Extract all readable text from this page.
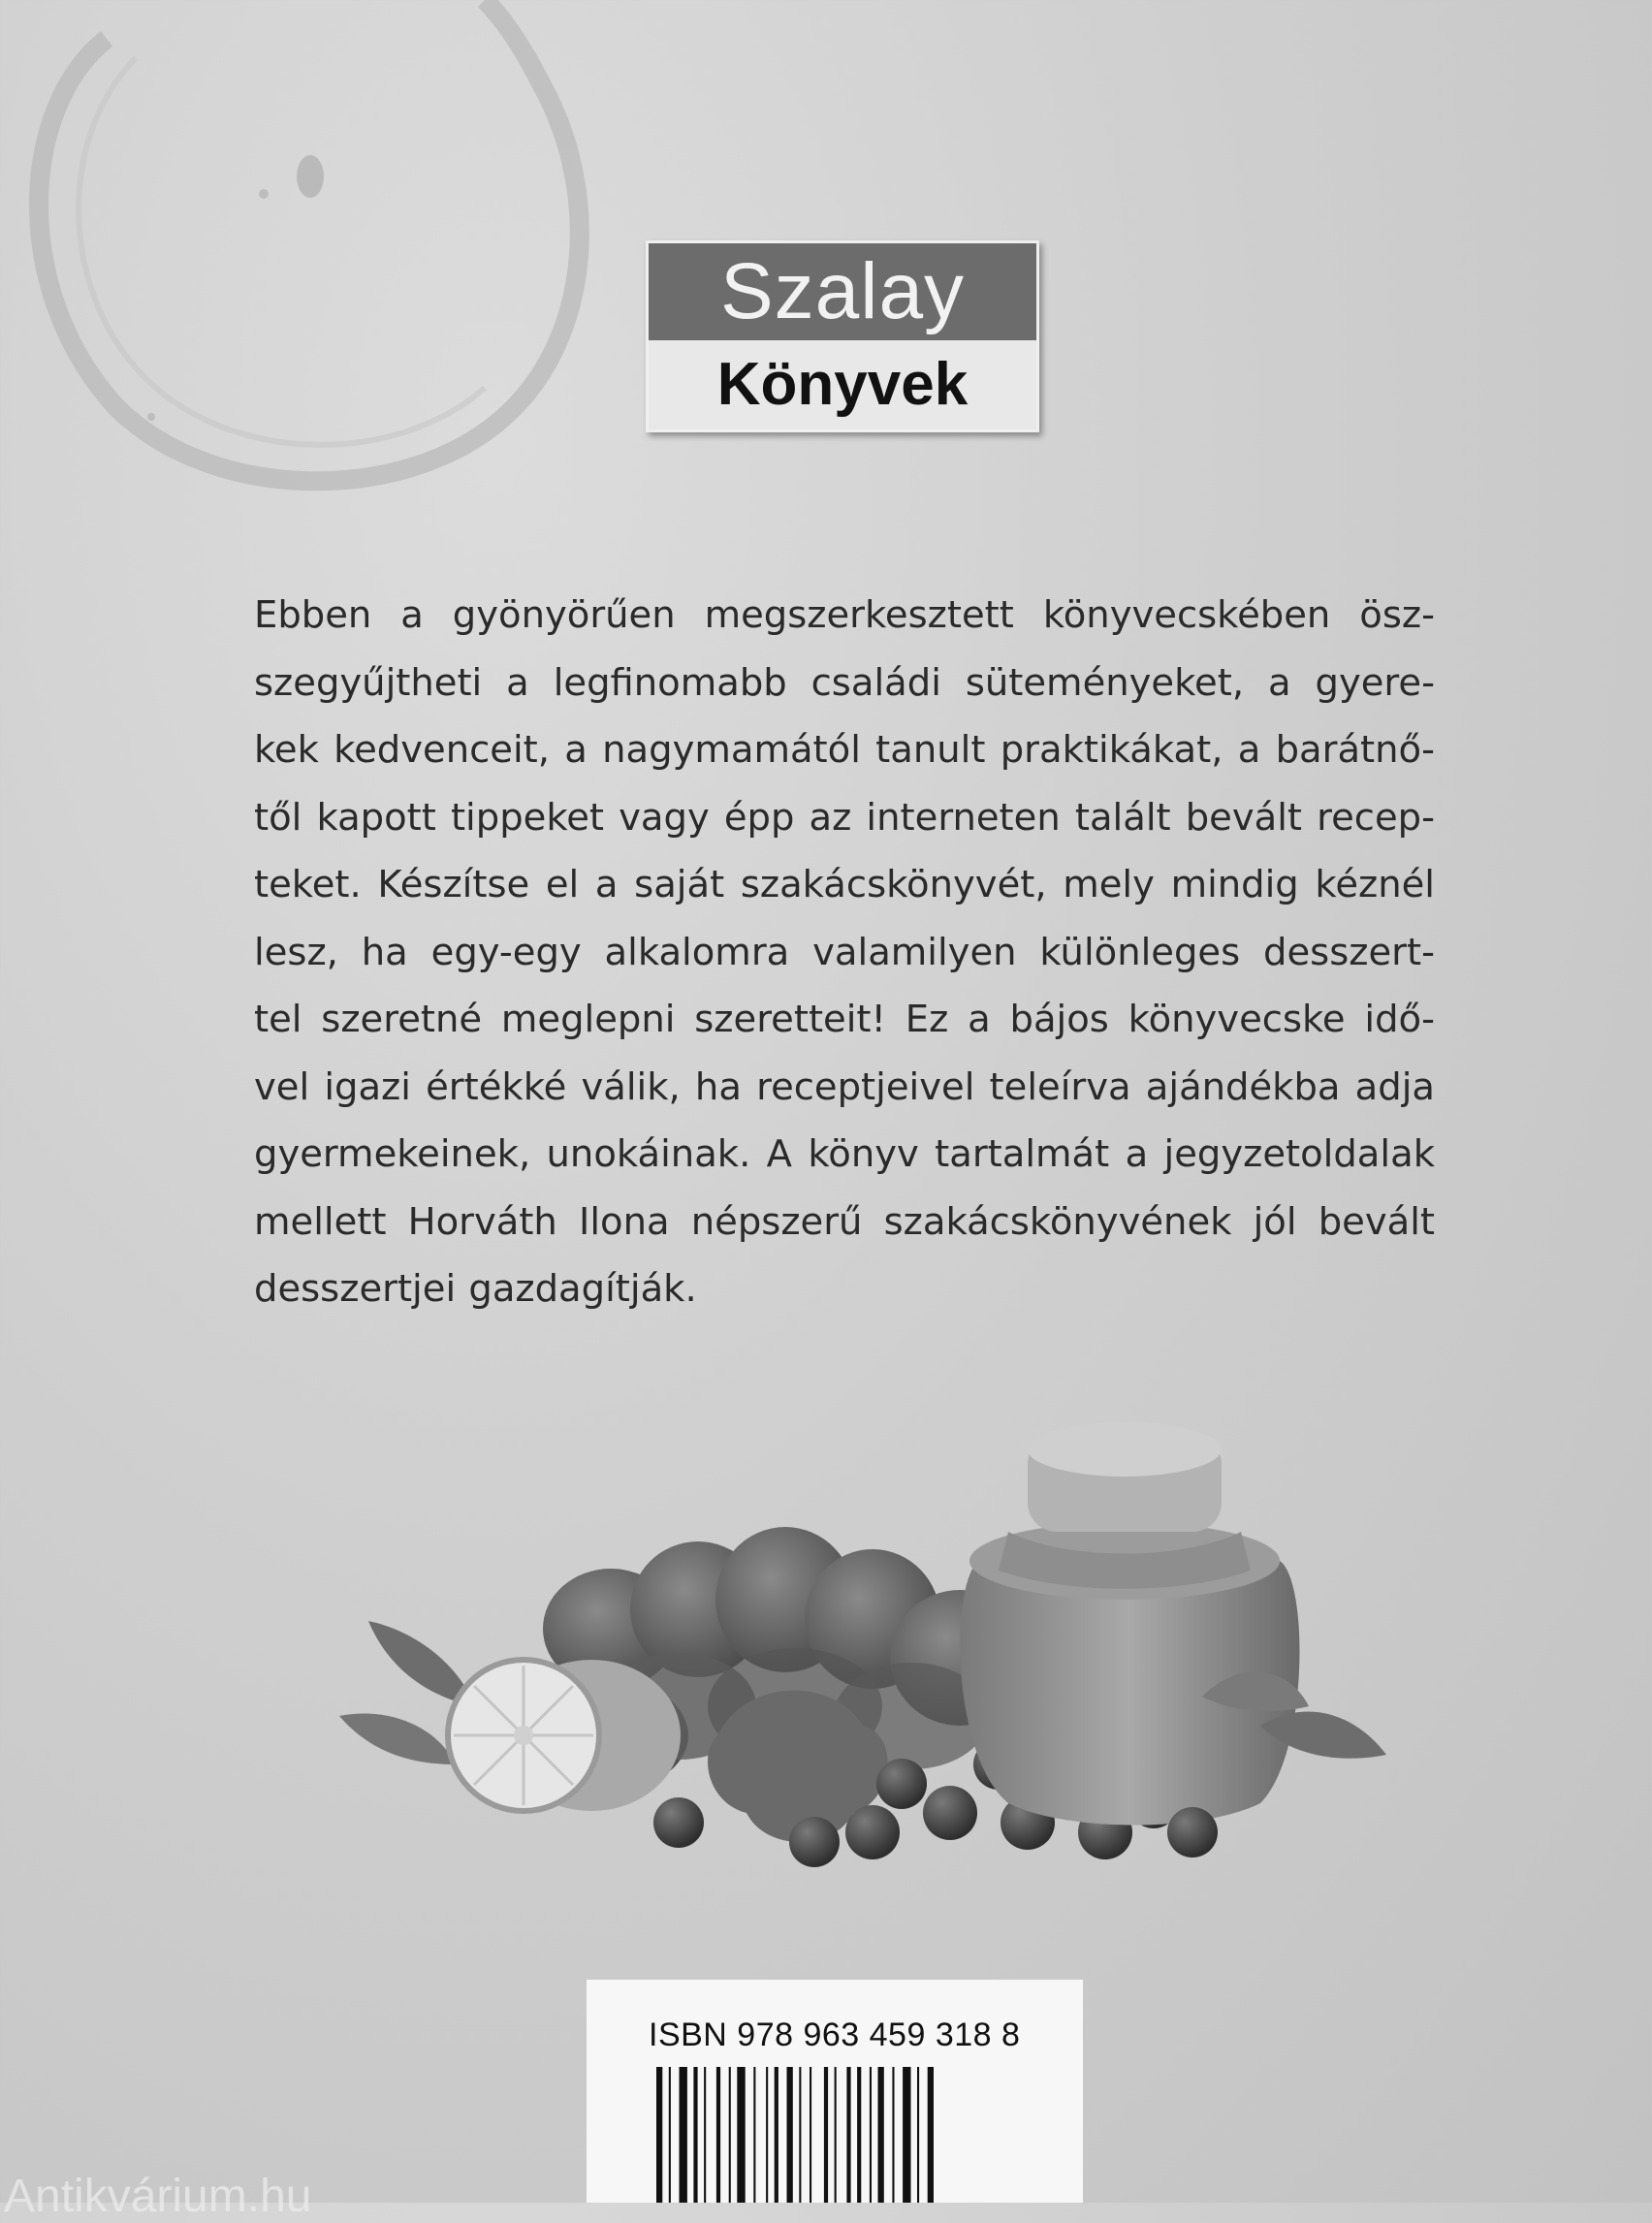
Szalay
Könyvek
Ebben a gyönyörűen megszerkesztett könyvecskében ösz-
szegyűjtheti a legfinomabb családi süteményeket, a gyere-
kek kedvenceit, a nagymamától tanult praktikákat, a barátnő-
től kapott tippeket vagy épp az interneten talált bevált recep-
teket. Készítse el a saját szakácskönyvét, mely mindig kéznél
lesz, ha egy-egy alkalomra valamilyen különleges desszert-
tel szeretné meglepni szeretteit! Ez a bájos könyvecske idő-
vel igazi értékké válik, ha receptjeivel teleírva ajándékba adja
gyermekeinek, unokáinak. A könyv tartalmát a jegyzetoldalak
mellett Horváth Ilona népszerű szakácskönyvének jól bevált
desszertjei gazdagítják.
ISBN 978 963 459 318 8
Antikvárium.hu
